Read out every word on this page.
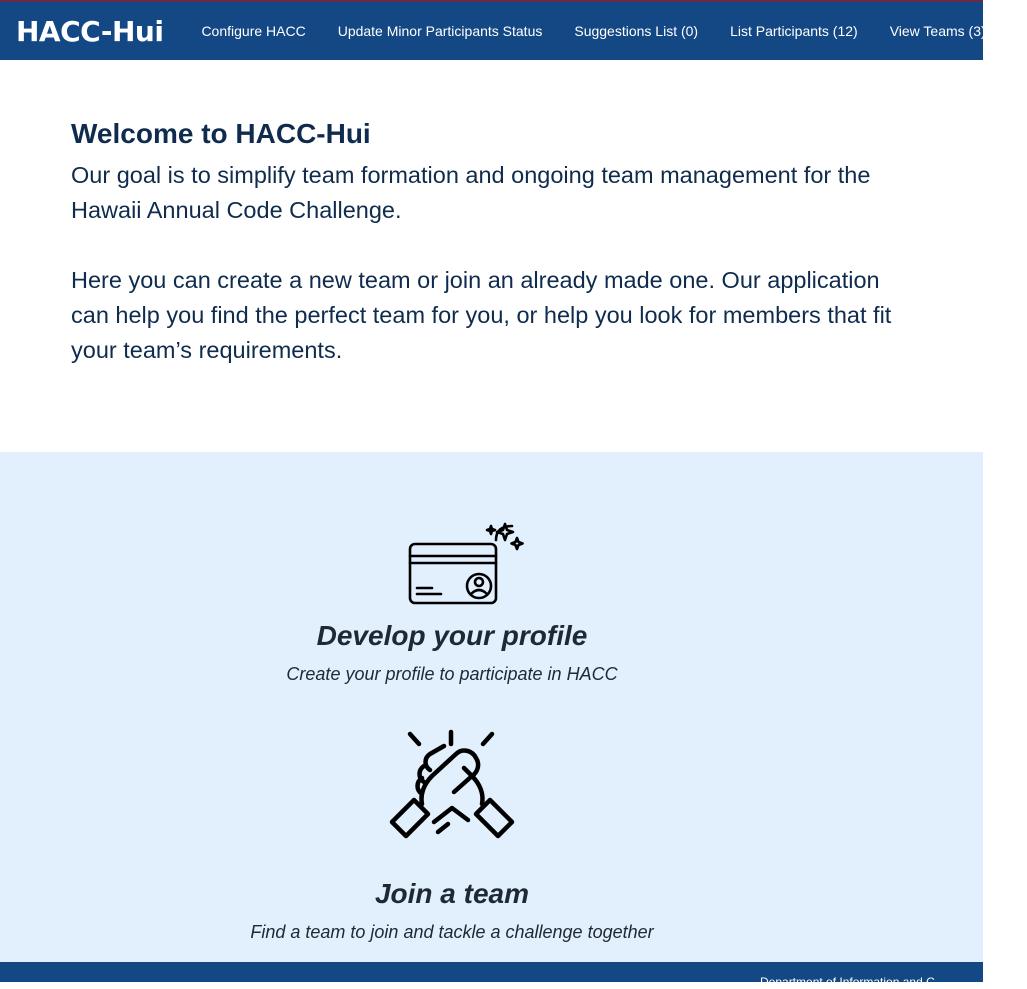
HACC-Hui	Configure HACC Update Minor Participants Status Suggestions List (0) List Participants (12) View Teams (3) V
Welcome to HACC-Hui

Our goal is to simplify team formation and ongoing team management for the Hawaii Annual Code Challenge.

Here you can create a new team or join an already made one. Our application can help you find the perfect team for you, or help you look for members that fit your team’s requirements.

Develop your profile
Create your profile to participate in HACC
Join a team
Find a team to join and tackle a challenge together
Department of Information and C
